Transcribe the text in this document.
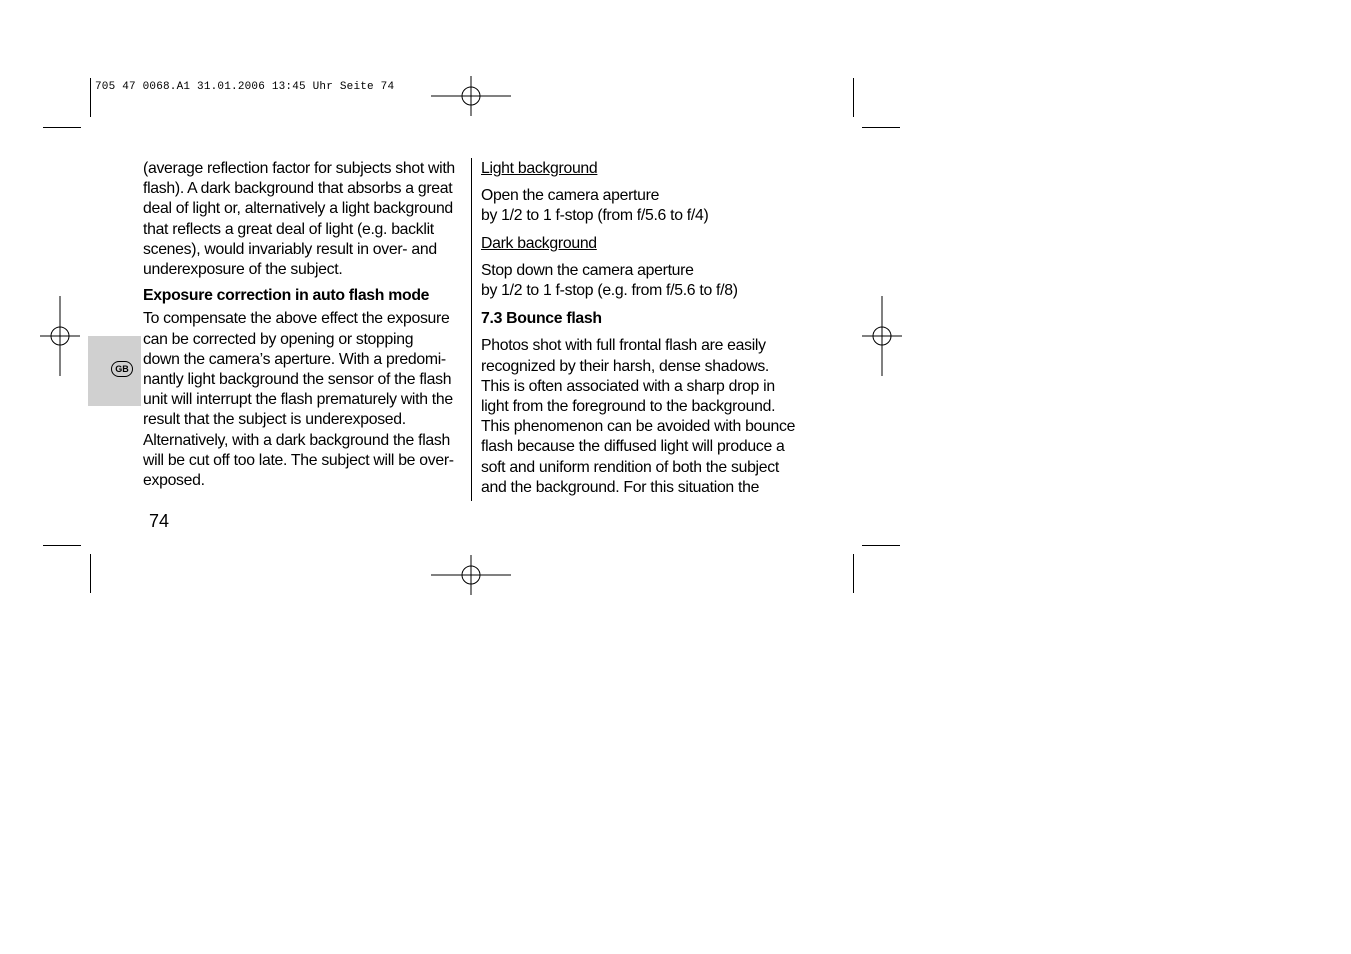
705 47 0068.A1 31.01.2006 13:45 Uhr Seite 74
GB

(average reflection factor for subjects shot with

flash). A dark background that absorbs a great

deal of light or, alternatively a light background

that reflects a great deal of light (e.g. backlit

scenes), would invariably result in over- and

underexposure of the subject.

Exposure correction in auto flash mode

To compensate the above effect the exposure

can be corrected by opening or stopping

down the camera’s aperture. With a predomi-

nantly light background the sensor of the flash

unit will interrupt the flash prematurely with the

result that the subject is underexposed.

Alternatively, with a dark background the flash

will be cut off too late. The subject will be over-

exposed.

Light background

Open the camera aperture

by 1/2 to 1 f-stop (from f/5.6 to f/4)

Dark background

Stop down the camera aperture

by 1/2 to 1 f-stop (e.g. from f/5.6 to f/8)

7.3 Bounce flash

Photos shot with full frontal flash are easily

recognized by their harsh, dense shadows.

This is often associated with a sharp drop in

light from the foreground to the background.

This phenomenon can be avoided with bounce

flash because the diffused light will produce a

soft and uniform rendition of both the subject

and the background. For this situation the

74
